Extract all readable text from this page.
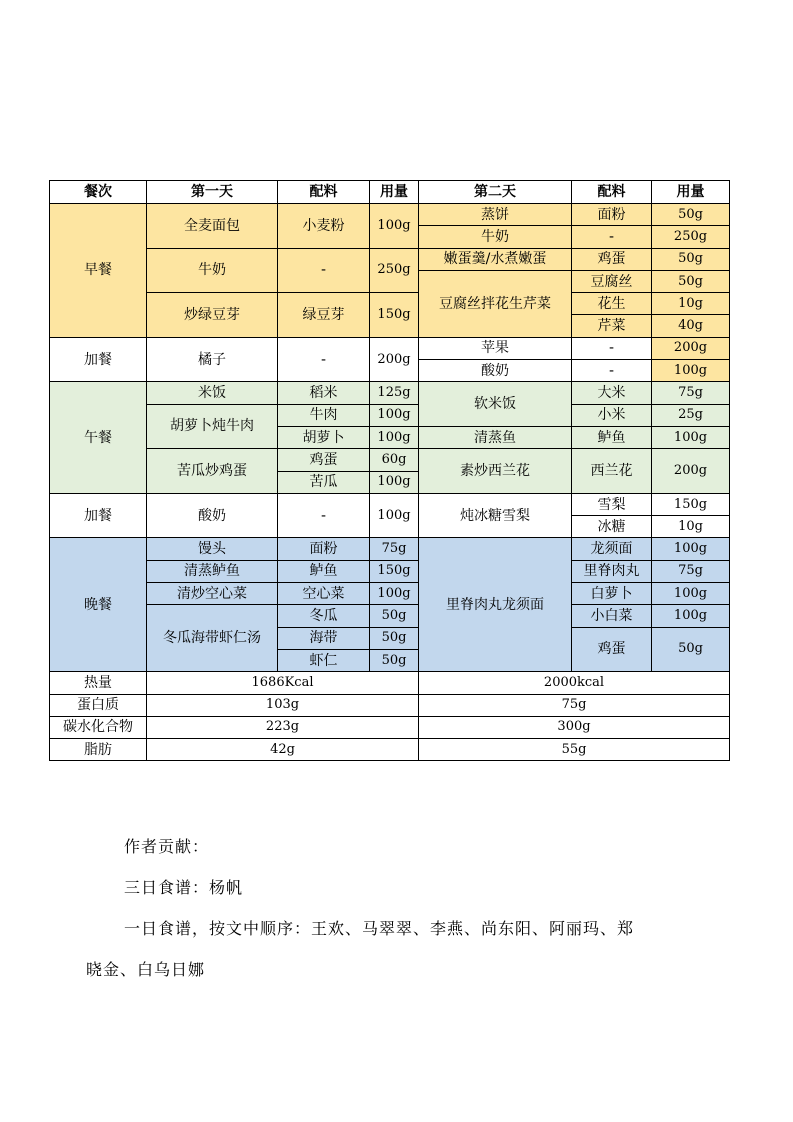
餐次	第一天	配料	用量	第二天	配料	用量
早餐	全麦面包	小麦粉	100g	蒸饼	面粉	50g
				牛奶	-	250g
	牛奶	-	250g	嫩蛋羹/水煮嫩蛋	鸡蛋	50g
				豆腐丝拌花生芹菜	豆腐丝	50g
	炒绿豆芽	绿豆芽	150g		花生	10g
					芹菜	40g
加餐	橘子	-	200g	苹果	-	200g
				酸奶	-	100g
午餐	米饭	稻米	125g	软米饭	大米	75g
	胡萝卜炖牛肉	牛肉	100g		小米	25g
		胡萝卜	100g	清蒸鱼	鲈鱼	100g
	苦瓜炒鸡蛋	鸡蛋	60g	素炒西兰花	西兰花	200g
		苦瓜	100g			
加餐	酸奶	-	100g	炖冰糖雪梨	雪梨	150g
					冰糖	10g
晚餐	馒头	面粉	75g	里脊肉丸龙须面	龙须面	100g
	清蒸鲈鱼	鲈鱼	150g		里脊肉丸	75g
	清炒空心菜	空心菜	100g		白萝卜	100g
	冬瓜海带虾仁汤	冬瓜	50g		小白菜	100g
		海带	50g		鸡蛋	50g
		虾仁	50g			
热量	1686Kcal			2000kcal		
蛋白质	103g			75g		
碳水化合物	223g			300g		
脂肪	42g			55g		

作者贡献：

三日食谱：杨帆

一日食谱，按文中顺序：王欢、马翠翠、李燕、尚东阳、阿丽玛、郑

晓金、白乌日娜
